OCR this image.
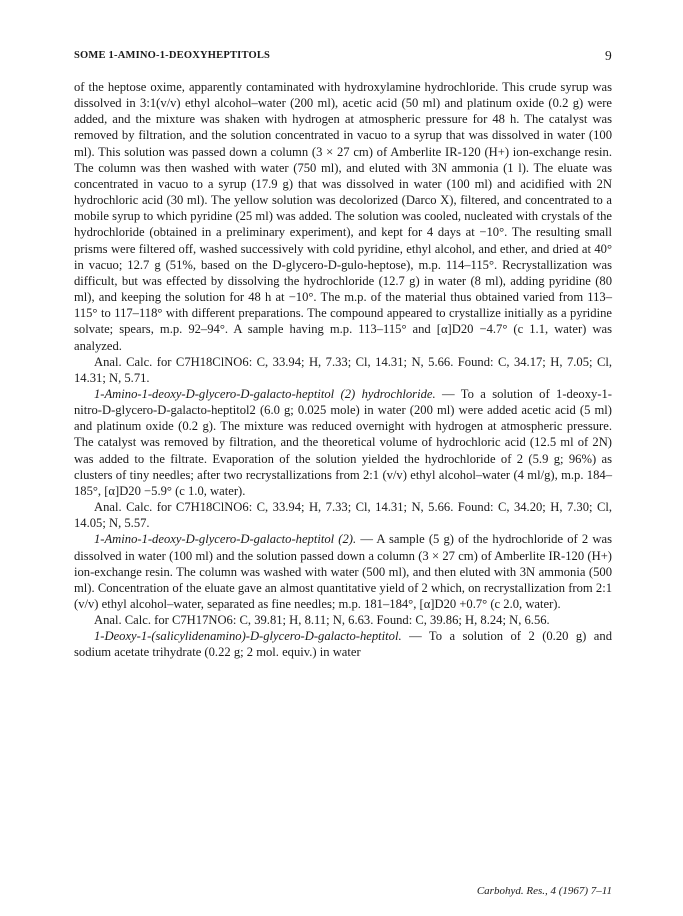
SOME 1-AMINO-1-DEOXYHEPTITOLS	9

of the heptose oxime, apparently contaminated with hydroxylamine hydrochloride. This crude syrup was dissolved in 3:1(v/v) ethyl alcohol–water (200 ml), acetic acid (50 ml) and platinum oxide (0.2 g) were added, and the mixture was shaken with hydrogen at atmospheric pressure for 48 h. The catalyst was removed by filtration, and the solution concentrated in vacuo to a syrup that was dissolved in water (100 ml). This solution was passed down a column (3 × 27 cm) of Amberlite IR-120 (H+) ion-exchange resin. The column was then washed with water (750 ml), and eluted with 3N ammonia (1 l). The eluate was concentrated in vacuo to a syrup (17.9 g) that was dissolved in water (100 ml) and acidified with 2N hydrochloric acid (30 ml). The yellow solution was decolorized (Darco X), filtered, and concentrated to a mobile syrup to which pyridine (25 ml) was added. The solution was cooled, nucleated with crystals of the hydrochloride (obtained in a preliminary experiment), and kept for 4 days at −10°. The resulting small prisms were filtered off, washed successively with cold pyridine, ethyl alcohol, and ether, and dried at 40° in vacuo; 12.7 g (51%, based on the D-glycero-D-gulo-heptose), m.p. 114–115°. Recrystallization was difficult, but was effected by dissolving the hydrochloride (12.7 g) in water (8 ml), adding pyridine (80 ml), and keeping the solution for 48 h at −10°. The m.p. of the material thus obtained varied from 113–115° to 117–118° with different preparations. The compound appeared to crystallize initially as a pyridine solvate; spears, m.p. 92–94°. A sample having m.p. 113–115° and [α]D20 −4.7° (c 1.1, water) was analyzed.

Anal. Calc. for C7H18ClNO6: C, 33.94; H, 7.33; Cl, 14.31; N, 5.66. Found: C, 34.17; H, 7.05; Cl, 14.31; N, 5.71.

1-Amino-1-deoxy-D-glycero-D-galacto-heptitol (2) hydrochloride. — To a solution of 1-deoxy-1-nitro-D-glycero-D-galacto-heptitol2 (6.0 g; 0.025 mole) in water (200 ml) were added acetic acid (5 ml) and platinum oxide (0.2 g). The mixture was reduced overnight with hydrogen at atmospheric pressure. The catalyst was removed by filtration, and the theoretical volume of hydrochloric acid (12.5 ml of 2N) was added to the filtrate. Evaporation of the solution yielded the hydrochloride of 2 (5.9 g; 96%) as clusters of tiny needles; after two recrystallizations from 2:1 (v/v) ethyl alcohol–water (4 ml/g), m.p. 184–185°, [α]D20 −5.9° (c 1.0, water).

Anal. Calc. for C7H18ClNO6: C, 33.94; H, 7.33; Cl, 14.31; N, 5.66. Found: C, 34.20; H, 7.30; Cl, 14.05; N, 5.57.

1-Amino-1-deoxy-D-glycero-D-galacto-heptitol (2). — A sample (5 g) of the hydrochloride of 2 was dissolved in water (100 ml) and the solution passed down a column (3 × 27 cm) of Amberlite IR-120 (H+) ion-exchange resin. The column was washed with water (500 ml), and then eluted with 3N ammonia (500 ml). Concentration of the eluate gave an almost quantitative yield of 2 which, on recrystallization from 2:1 (v/v) ethyl alcohol–water, separated as fine needles; m.p. 181–184°, [α]D20 +0.7° (c 2.0, water).

Anal. Calc. for C7H17NO6: C, 39.81; H, 8.11; N, 6.63. Found: C, 39.86; H, 8.24; N, 6.56.

1-Deoxy-1-(salicylidenamino)-D-glycero-D-galacto-heptitol. — To a solution of 2 (0.20 g) and sodium acetate trihydrate (0.22 g; 2 mol. equiv.) in water

Carbohyd. Res., 4 (1967) 7–11
